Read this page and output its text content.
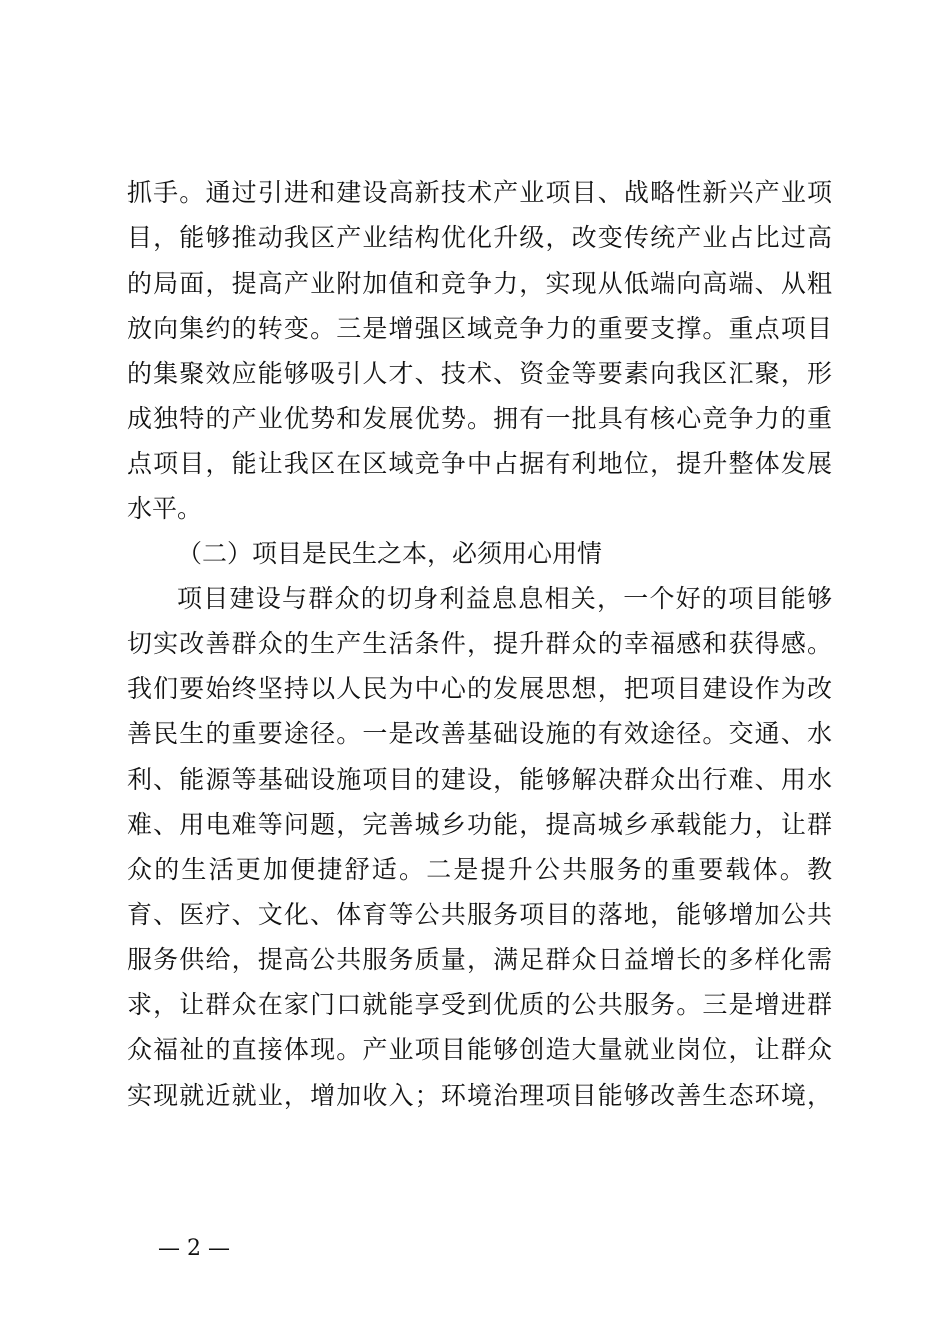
抓手。通过引进和建设高新技术产业项目、战略性新兴产业项
目，能够推动我区产业结构优化升级，改变传统产业占比过高
的局面，提高产业附加值和竞争力，实现从低端向高端、从粗
放向集约的转变。三是增强区域竞争力的重要支撑。重点项目
的集聚效应能够吸引人才、技术、资金等要素向我区汇聚，形
成独特的产业优势和发展优势。拥有一批具有核心竞争力的重
点项目，能让我区在区域竞争中占据有利地位，提升整体发展
水平。
（二）项目是民生之本，必须用心用情
项目建设与群众的切身利益息息相关，一个好的项目能够
切实改善群众的生产生活条件，提升群众的幸福感和获得感。
我们要始终坚持以人民为中心的发展思想，把项目建设作为改
善民生的重要途径。一是改善基础设施的有效途径。交通、水
利、能源等基础设施项目的建设，能够解决群众出行难、用水
难、用电难等问题，完善城乡功能，提高城乡承载能力，让群
众的生活更加便捷舒适。二是提升公共服务的重要载体。教
育、医疗、文化、体育等公共服务项目的落地，能够增加公共
服务供给，提高公共服务质量，满足群众日益增长的多样化需
求，让群众在家门口就能享受到优质的公共服务。三是增进群
众福祉的直接体现。产业项目能够创造大量就业岗位，让群众
实现就近就业，增加收入；环境治理项目能够改善生态环境，
— 2 —
